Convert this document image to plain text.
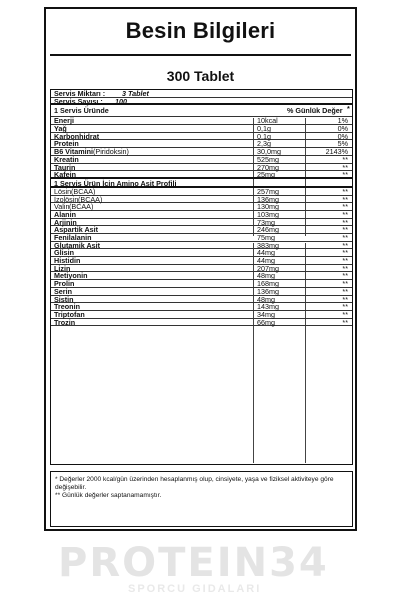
Besin Bilgileri
300 Tablet
Servis Miktarı : 3 Tablet
Servis Sayısı : 100
1 Servis Üründe	% Günlük Değer *
Enerji	10kcal	1%
Yağ	0,1g	0%
Karbonhidrat	0,1g	0%
Protein	2,3g	5%
B6 Vitamini (Piridoksin)	30,0mg	2143%
Kreatin	525mg	**
Taurin	270mg	**
Kafein	25mg	**
1 Servis Ürün İçin Amino Asit Profili
Lösin (BCAA)	257mg	**
İzolösin (BCAA)	136mg	**
Valin (BCAA)	130mg	**
Alanin	103mg	**
Arjinin	73mg	**
Aspartik Asit	246mg	**
Fenilalanin	75mg	**
Glutamik Asit	383mg	**
Glisin	44mg	**
Histidin	44mg	**
Lizin	207mg	**
Metiyonin	48mg	**
Prolin	168mg	**
Serin	136mg	**
Sistin	48mg	**
Treonin	143mg	**
Triptofan	34mg	**
Trozin	66mg	**
* Değerler 2000 kcal/gün üzerinden hesaplanmış olup, cinsiyete, yaşa ve fiziksel aktiviteye göre değişebilir.
** Günlük değerler saptanamamıştır.
PROTEIN34
SPORCU GIDALARI
